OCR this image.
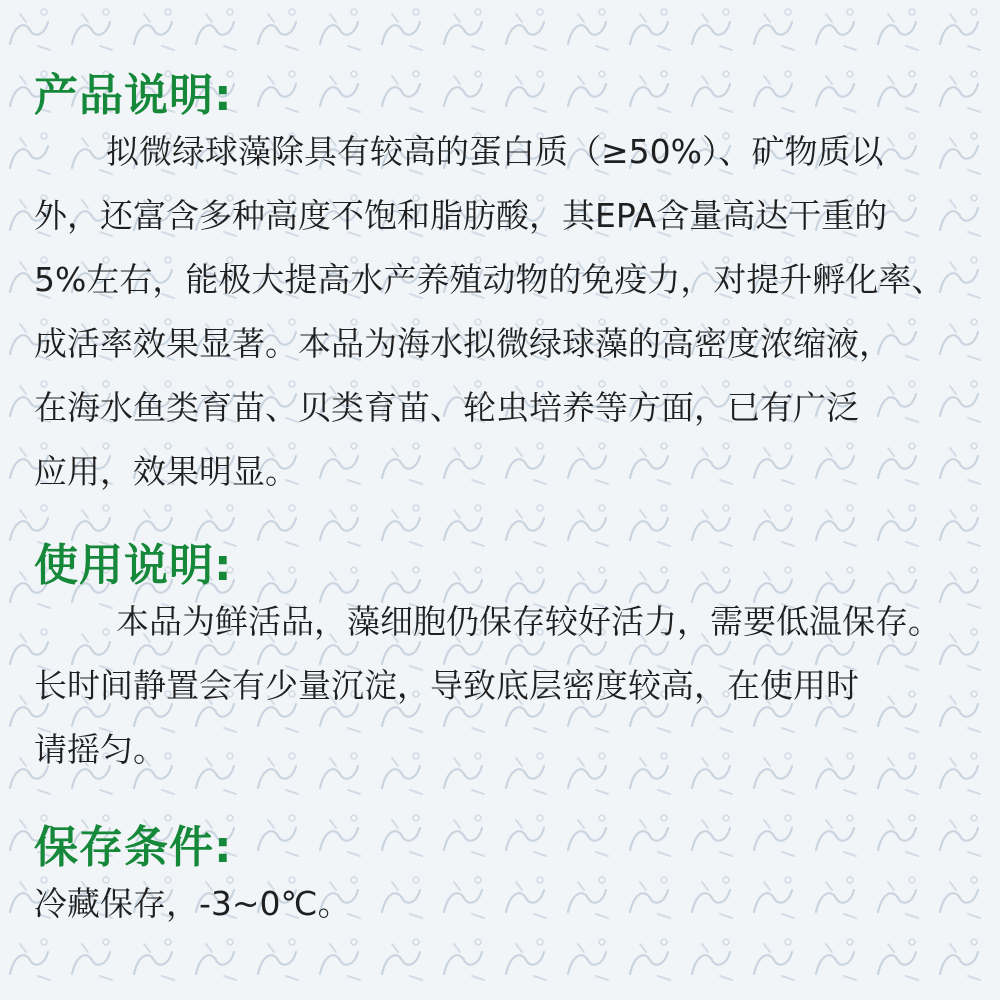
产品说明:
拟微绿球藻除具有较高的蛋白质（≥50%）、矿物质以
外，还富含多种高度不饱和脂肪酸，其EPA含量高达干重的
5%左右，能极大提高水产养殖动物的免疫力，对提升孵化率、
成活率效果显著。本品为海水拟微绿球藻的高密度浓缩液，
在海水鱼类育苗、贝类育苗、轮虫培养等方面，已有广泛
应用，效果明显。
使用说明:
本品为鲜活品，藻细胞仍保存较好活力，需要低温保存。
长时间静置会有少量沉淀，导致底层密度较高，在使用时
请摇匀。
保存条件:
冷藏保存，-3~0℃。
